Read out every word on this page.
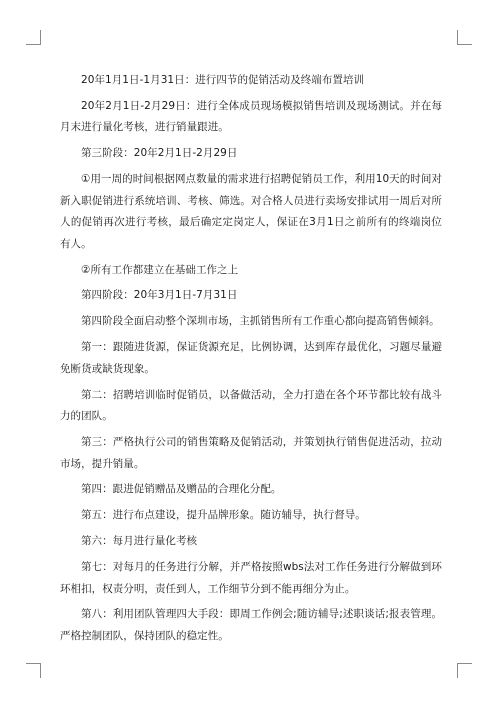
20年1月1日-1月31日：进行四节的促销活动及终端布置培训

20年2月1日-2月29日：进行全体成员现场模拟销售培训及现场测试。并在每月末进行量化考核，进行销量跟进。

第三阶段：20年2月1日-2月29日

①用一周的时间根据网点数量的需求进行招聘促销员工作，利用10天的时间对新入职促销进行系统培训、考核、筛选。对合格人员进行卖场安排试用一周后对所人的促销再次进行考核，最后确定定岗定人，保证在3月1日之前所有的终端岗位有人。

②所有工作都建立在基础工作之上

第四阶段：20年3月1日-7月31日

第四阶段全面启动整个深圳市场，主抓销售所有工作重心都向提高销售倾斜。

第一：跟随进货源，保证货源充足，比例协调，达到库存最优化，习题尽量避免断货或缺货现象。

第二：招聘培训临时促销员，以备做活动，全力打造在各个环节都比较有战斗力的团队。

第三：严格执行公司的销售策略及促销活动，并策划执行销售促进活动，拉动市场，提升销量。

第四：跟进促销赠品及赠品的合理化分配。

第五：进行布点建设，提升品牌形象。随访辅导，执行督导。

第六：每月进行量化考核

第七：对每月的任务进行分解，并严格按照wbs法对工作任务进行分解做到环环相扣，权责分明，责任到人，工作细节分到不能再细分为止。

第八：利用团队管理四大手段：即周工作例会;随访辅导;述职谈话;报表管理。严格控制团队，保持团队的稳定性。
